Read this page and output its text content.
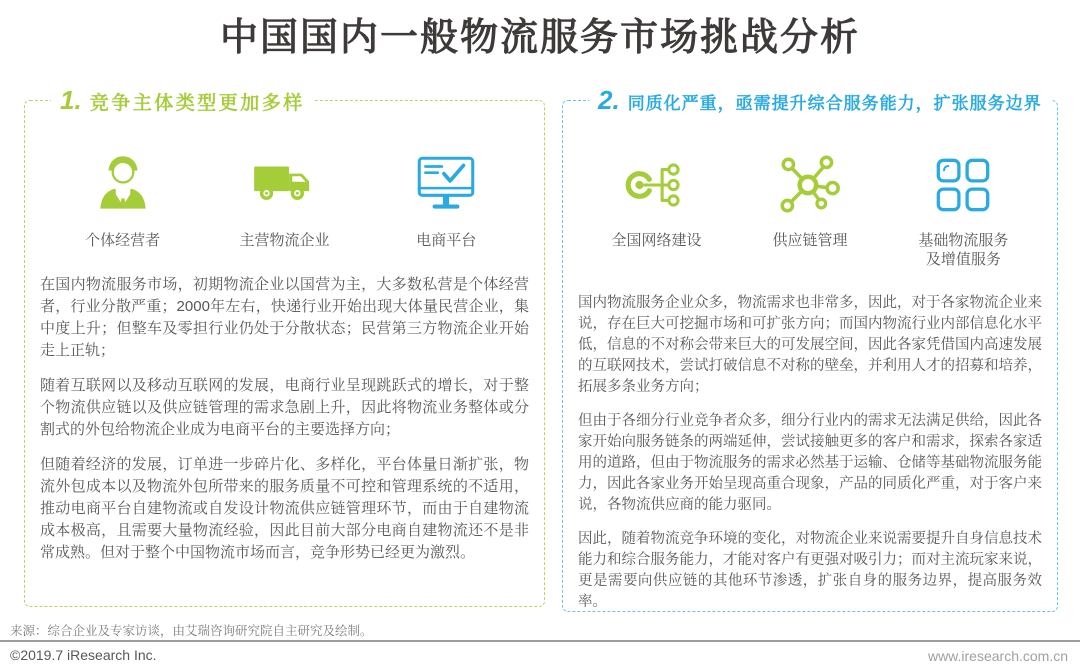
中国国内一般物流服务市场挑战分析
1. 竞争主体类型更加多样
个体经营者	主营物流企业	电商平台

在国内物流服务市场，初期物流企业以国营为主，大多数私营是个体经营者，行业分散严重；2000年左右，快递行业开始出现大体量民营企业，集中度上升；但整车及零担行业仍处于分散状态；民营第三方物流企业开始走上正轨；

随着互联网以及移动互联网的发展，电商行业呈现跳跃式的增长，对于整个物流供应链以及供应链管理的需求急剧上升，因此将物流业务整体或分割式的外包给物流企业成为电商平台的主要选择方向；

但随着经济的发展，订单进一步碎片化、多样化，平台体量日渐扩张，物流外包成本以及物流外包所带来的服务质量不可控和管理系统的不适用，推动电商平台自建物流或自发设计物流供应链管理环节，而由于自建物流成本极高，且需要大量物流经验，因此目前大部分电商自建物流还不是非常成熟。但对于整个中国物流市场而言，竞争形势已经更为激烈。

2. 同质化严重，亟需提升综合服务能力，扩张服务边界
全国网络建设	供应链管理	基础物流服务
及增值服务

国内物流服务企业众多，物流需求也非常多，因此，对于各家物流企业来说，存在巨大可挖掘市场和可扩张方向；而国内物流行业内部信息化水平低，信息的不对称会带来巨大的可发展空间，因此各家凭借国内高速发展的互联网技术，尝试打破信息不对称的壁垒，并利用人才的招募和培养，拓展多条业务方向；

但由于各细分行业竞争者众多，细分行业内的需求无法满足供给，因此各家开始向服务链条的两端延伸，尝试接触更多的客户和需求，探索各家适用的道路，但由于物流服务的需求必然基于运输、仓储等基础物流服务能力，因此各家业务开始呈现高重合现象，产品的同质化严重，对于客户来说，各物流供应商的能力驱同。

因此，随着物流竞争环境的变化，对物流企业来说需要提升自身信息技术能力和综合服务能力，才能对客户有更强对吸引力；而对主流玩家来说，更是需要向供应链的其他环节渗透，扩张自身的服务边界，提高服务效率。

来源：综合企业及专家访谈，由艾瑞咨询研究院自主研究及绘制。
©2019.7 iResearch Inc.	www.iresearch.com.cn
